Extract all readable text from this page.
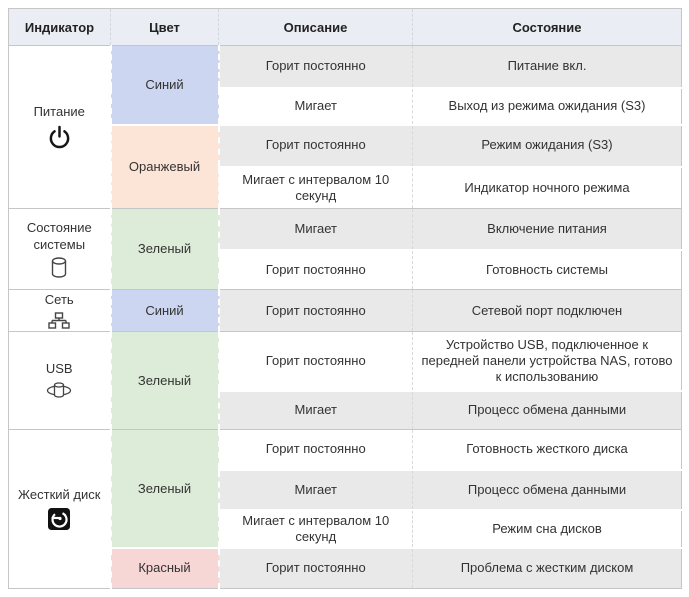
Индикатор	Цвет	Описание	Состояние

Питание	Синий	Горит постоянно	Питание вкл.
		Мигает	Выход из режима ожидания (S3)
	Оранжевый	Горит постоянно	Режим ожидания (S3)
		Мигает с интервалом 10 секунд	Индикатор ночного режима

Состояние системы	Зеленый	Мигает	Включение питания
		Горит постоянно	Готовность системы

Сеть	Синий	Горит постоянно	Сетевой порт подключен

USB	Зеленый	Горит постоянно	Устройство USB, подключенное к передней панели устройства NAS, готово к использованию
		Мигает	Процесс обмена данными

Жесткий диск	Зеленый	Горит постоянно	Готовность жесткого диска
		Мигает	Процесс обмена данными
		Мигает с интервалом 10 секунд	Режим сна дисков
	Красный	Горит постоянно	Проблема с жестким диском
